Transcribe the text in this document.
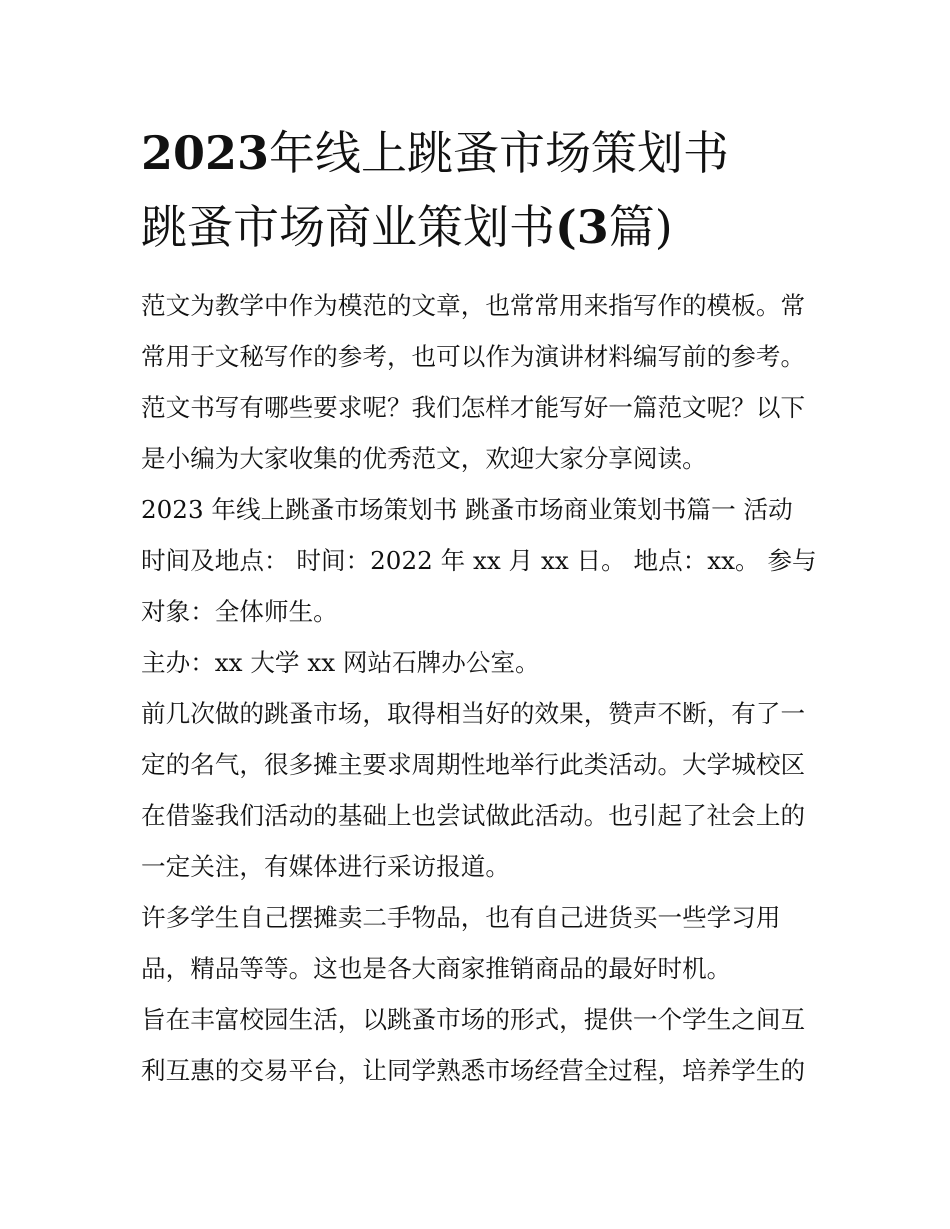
2023年线上跳蚤市场策划书
跳蚤市场商业策划书(3篇)

范文为教学中作为模范的文章，也常常用来指写作的模板。常常用于文秘写作的参考，也可以作为演讲材料编写前的参考。范文书写有哪些要求呢？我们怎样才能写好一篇范文呢？以下是小编为大家收集的优秀范文，欢迎大家分享阅读。

2023 年线上跳蚤市场策划书 跳蚤市场商业策划书篇一 活动时间及地点： 时间：2022 年 xx 月 xx 日。 地点：xx。 参与对象：全体师生。

主办：xx 大学 xx 网站石牌办公室。

前几次做的跳蚤市场，取得相当好的效果，赞声不断，有了一定的名气，很多摊主要求周期性地举行此类活动。大学城校区在借鉴我们活动的基础上也尝试做此活动。也引起了社会上的一定关注，有媒体进行采访报道。

许多学生自己摆摊卖二手物品，也有自己进货买一些学习用品，精品等等。这也是各大商家推销商品的最好时机。

旨在丰富校园生活，以跳蚤市场的形式，提供一个学生之间互利互惠的交易平台，让同学熟悉市场经营全过程，培养学生的
